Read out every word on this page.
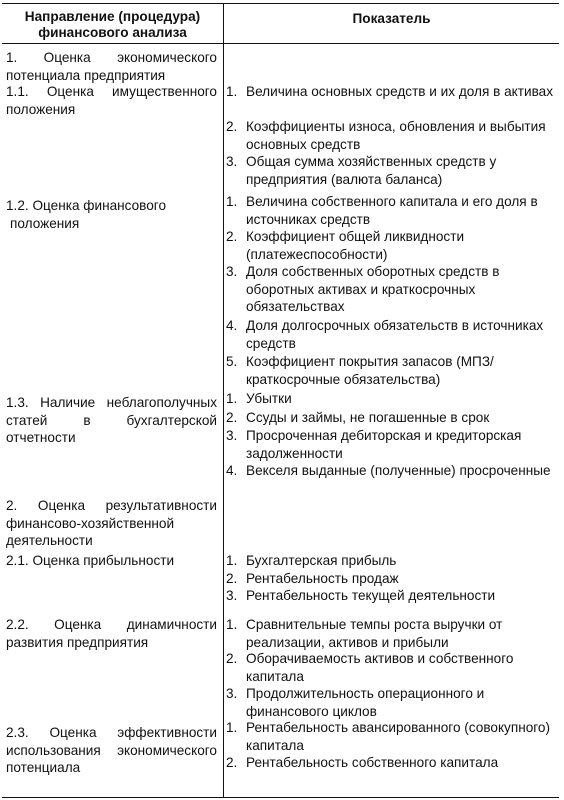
Направление (процедура)
финансового анализа
Показатель
1. Оценка экономического потенциала предприятия
1.1. Оценка имущественного положения
1.2. Оценка финансового
положения
1.3. Наличие неблагополучных статей в бухгалтерской отчетности
2. Оценка результативности финансово-хозяйственной деятельности
2.1. Оценка прибыльности
2.2. Оценка динамичности развития предприятия
2.3. Оценка эффективности использования экономического потенциала
1. Величина основных средств и их доля в активах
2. Коэффициенты износа, обновления и выбытия основных средств
3. Общая сумма хозяйственных средств у предприятия (валюта баланса)
1. Величина собственного капитала и его доля в источниках средств
2. Коэффициент общей ликвидности (платежеспособности)
3. Доля собственных оборотных средств в оборотных активах и краткосрочных обязательствах
4. Доля долгосрочных обязательств в источниках средств
5. Коэффициент покрытия запасов (МПЗ/краткосрочные обязательства)
1. Убытки
2. Ссуды и займы, не погашенные в срок
3. Просроченная дебиторская и кредиторская задолженности
4. Векселя выданные (полученные) просроченные
1. Бухгалтерская прибыль
2. Рентабельность продаж
3. Рентабельность текущей деятельности
1. Сравнительные темпы роста выручки от реализации, активов и прибыли
2. Оборачиваемость активов и собственного капитала
3. Продолжительность операционного и финансового циклов
1. Рентабельность авансированного (совокупного) капитала
2. Рентабельность собственного капитала
